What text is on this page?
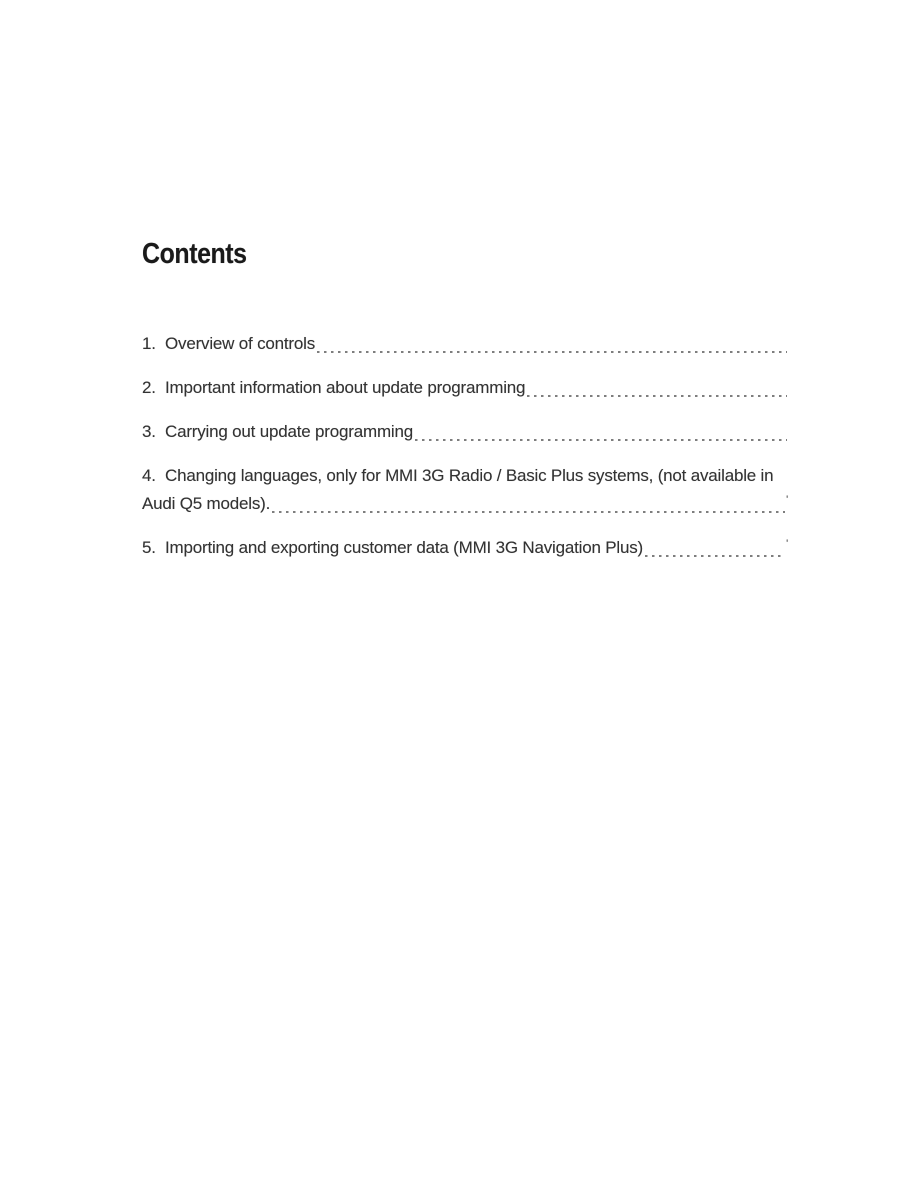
Contents
1. Overview of controls
2. Important information about update programming
3. Carrying out update programming
4. Changing languages, only for MMI 3G Radio / Basic Plus systems, (not available in
Audi Q5 models).	'
5. Importing and exporting customer data (MMI 3G Navigation Plus)	'
